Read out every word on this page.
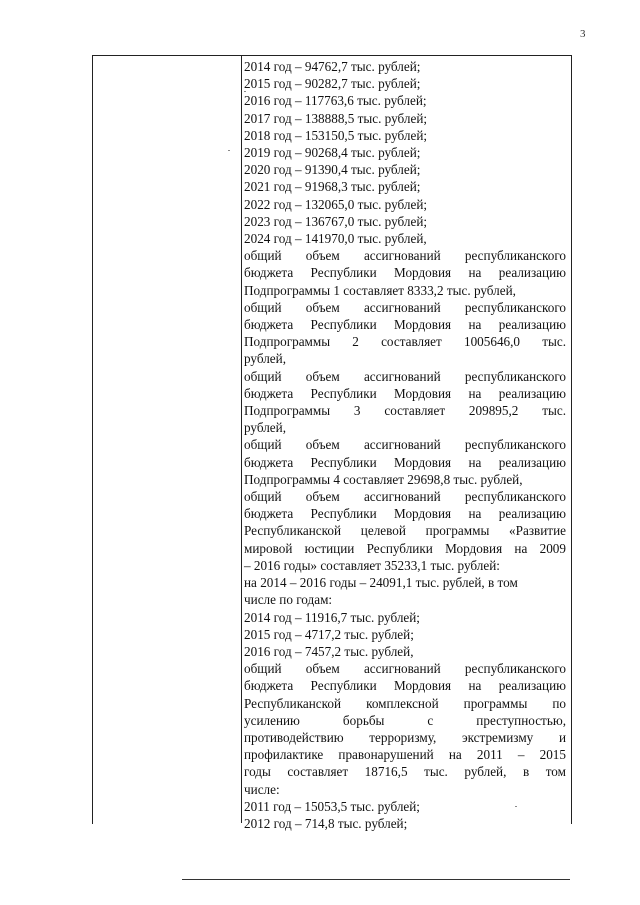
3
2014 год – 94762,7 тыс. рублей;
2015 год – 90282,7 тыс. рублей;
2016 год – 117763,6 тыс. рублей;
2017 год – 138888,5 тыс. рублей;
2018 год – 153150,5 тыс. рублей;
2019 год – 90268,4 тыс. рублей;
2020 год – 91390,4 тыс. рублей;
2021 год – 91968,3 тыс. рублей;
2022 год – 132065,0 тыс. рублей;
2023 год – 136767,0 тыс. рублей;
2024 год – 141970,0 тыс. рублей,
общий объем ассигнований республиканского
бюджета Республики Мордовия на реализацию
Подпрограммы 1 составляет 8333,2 тыс. рублей,
общий объем ассигнований республиканского
бюджета Республики Мордовия на реализацию
Подпрограммы 2 составляет 1005646,0 тыс.
рублей,
общий объем ассигнований республиканского
бюджета Республики Мордовия на реализацию
Подпрограммы 3 составляет 209895,2 тыс.
рублей,
общий объем ассигнований республиканского
бюджета Республики Мордовия на реализацию
Подпрограммы 4 составляет 29698,8 тыс. рублей,
общий объем ассигнований республиканского
бюджета Республики Мордовия на реализацию
Республиканской целевой программы «Развитие
мировой юстиции Республики Мордовия на 2009
– 2016 годы» составляет 35233,1 тыс. рублей:
на 2014 – 2016 годы – 24091,1 тыс. рублей, в том
числе по годам:
2014 год – 11916,7 тыс. рублей;
2015 год – 4717,2 тыс. рублей;
2016 год – 7457,2 тыс. рублей,
общий объем ассигнований республиканского
бюджета Республики Мордовия на реализацию
Республиканской комплексной программы по
усилению борьбы с преступностью,
противодействию терроризму, экстремизму и
профилактике правонарушений на 2011 – 2015
годы составляет 18716,5 тыс. рублей, в том
числе:
2011 год – 15053,5 тыс. рублей;
2012 год – 714,8 тыс. рублей;
